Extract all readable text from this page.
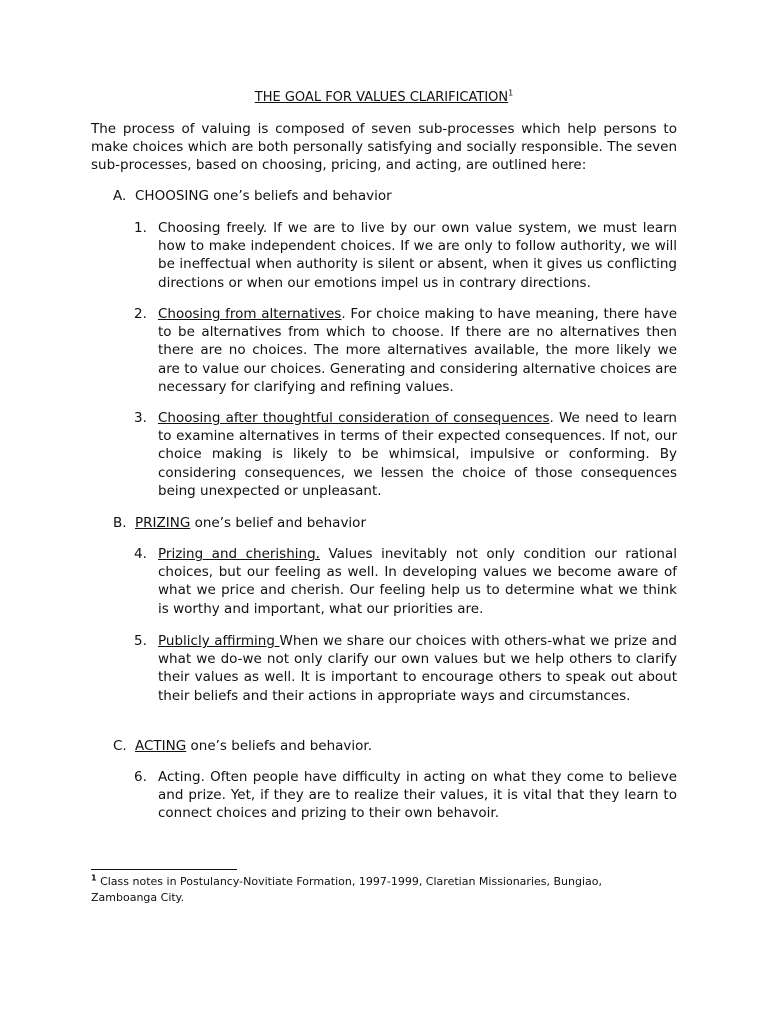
THE GOAL FOR VALUES CLARIFICATION$^1$
The process of valuing is composed of seven sub-processes which help persons to make choices which are both personally satisfying and socially responsible. The seven sub-processes, based on choosing, pricing, and acting, are outlined here:
A. CHOOSING one’s beliefs and behavior
1. Choosing freely. If we are to live by our own value system, we must learn how to make independent choices. If we are only to follow authority, we will be ineffectual when authority is silent or absent, when it gives us conflicting directions or when our emotions impel us in contrary directions.
2. Choosing from alternatives. For choice making to have meaning, there have to be alternatives from which to choose. If there are no alternatives then there are no choices. The more alternatives available, the more likely we are to value our choices. Generating and considering alternative choices are necessary for clarifying and refining values.
3. Choosing after thoughtful consideration of consequences. We need to learn to examine alternatives in terms of their expected consequences. If not, our choice making is likely to be whimsical, impulsive or conforming. By considering consequences, we lessen the choice of those consequences being unexpected or unpleasant.
B. PRIZING one’s belief and behavior
4. Prizing and cherishing. Values inevitably not only condition our rational choices, but our feeling as well. In developing values we become aware of what we price and cherish. Our feeling help us to determine what we think is worthy and important, what our priorities are.
5. Publicly affirming When we share our choices with others-what we prize and what we do-we not only clarify our own values but we help others to clarify their values as well. It is important to encourage others to speak out about their beliefs and their actions in appropriate ways and circumstances.
C. ACTING one’s beliefs and behavior.
6. Acting. Often people have difficulty in acting on what they come to believe and prize. Yet, if they are to realize their values, it is vital that they learn to connect choices and prizing to their own behavoir.
$^1$ Class notes in Postulancy-Novitiate Formation, 1997-1999, Claretian Missionaries, Bungiao, Zamboanga City.
